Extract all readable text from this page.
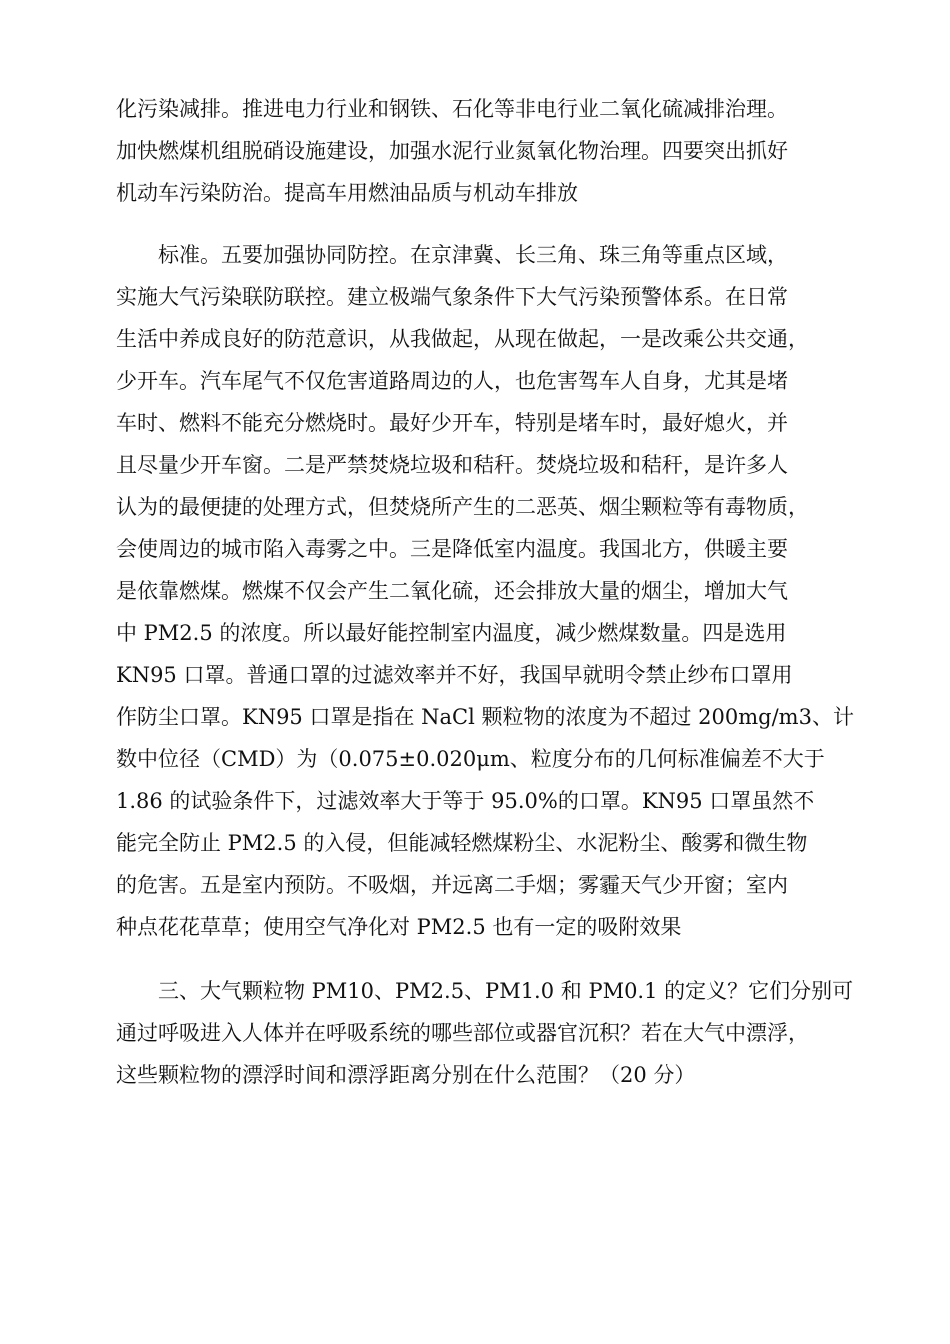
化污染减排。推进电力行业和钢铁、石化等非电行业二氧化硫减排治理。
加快燃煤机组脱硝设施建设，加强水泥行业氮氧化物治理。四要突出抓好
机动车污染防治。提高车用燃油品质与机动车排放
标准。五要加强协同防控。在京津冀、长三角、珠三角等重点区域，
实施大气污染联防联控。建立极端气象条件下大气污染预警体系。在日常
生活中养成良好的防范意识，从我做起，从现在做起，一是改乘公共交通，
少开车。汽车尾气不仅危害道路周边的人，也危害驾车人自身，尤其是堵
车时、燃料不能充分燃烧时。最好少开车，特别是堵车时，最好熄火，并
且尽量少开车窗。二是严禁焚烧垃圾和秸秆。焚烧垃圾和秸秆，是许多人
认为的最便捷的处理方式，但焚烧所产生的二恶英、烟尘颗粒等有毒物质，
会使周边的城市陷入毒雾之中。三是降低室内温度。我国北方，供暖主要
是依靠燃煤。燃煤不仅会产生二氧化硫，还会排放大量的烟尘，增加大气
中 PM2.5 的浓度。所以最好能控制室内温度，减少燃煤数量。四是选用
KN95 口罩。普通口罩的过滤效率并不好，我国早就明令禁止纱布口罩用
作防尘口罩。KN95 口罩是指在 NaCl 颗粒物的浓度为不超过 200mg/m3、计
数中位径（CMD）为（0.075±0.020μm、粒度分布的几何标准偏差不大于
1.86 的试验条件下，过滤效率大于等于 95.0%的口罩。KN95 口罩虽然不
能完全防止 PM2.5 的入侵，但能减轻燃煤粉尘、水泥粉尘、酸雾和微生物
的危害。五是室内预防。不吸烟，并远离二手烟；雾霾天气少开窗；室内
种点花花草草；使用空气净化对 PM2.5 也有一定的吸附效果
三、大气颗粒物 PM10、PM2.5、PM1.0 和 PM0.1 的定义？它们分别可
通过呼吸进入人体并在呼吸系统的哪些部位或器官沉积？若在大气中漂浮，
这些颗粒物的漂浮时间和漂浮距离分别在什么范围？（20 分）
